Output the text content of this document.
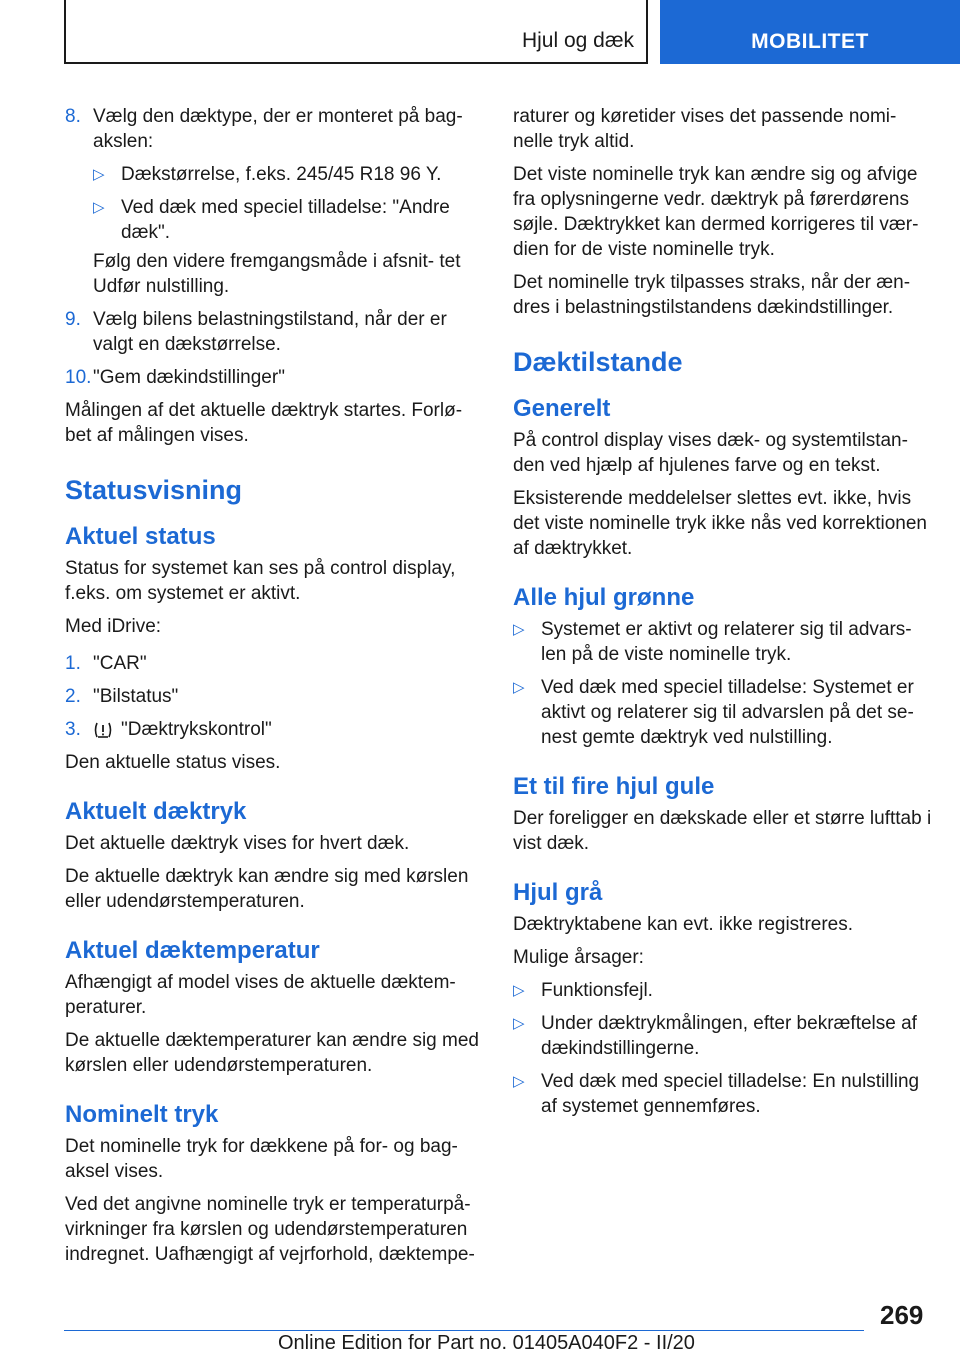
Hjul og dæk	MOBILITET
8. Vælg den dæktype, der er monteret på bag- akslen:
▷ Dækstørrelse, f.eks. 245/45 R18 96 Y.
▷ Ved dæk med speciel tilladelse: "Andre dæk".
Følg den videre fremgangsmåde i afsnit- tet Udfør nulstilling.
9. Vælg bilens belastningstilstand, når der er valgt en dækstørrelse.
10. "Gem dækindstillinger"
Målingen af det aktuelle dæktryk startes. Forlø- bet af målingen vises.
Statusvisning
Aktuel status
Status for systemet kan ses på control display, f.eks. om systemet er aktivt.
Med iDrive:
1. "CAR"
2. "Bilstatus"
3.	"Dæktrykskontrol"
Den aktuelle status vises.
Aktuelt dæktryk
Det aktuelle dæktryk vises for hvert dæk.
De aktuelle dæktryk kan ændre sig med kørslen eller udendørstemperaturen.
Aktuel dæktemperatur
Afhængigt af model vises de aktuelle dæktem- peraturer.
De aktuelle dæktemperaturer kan ændre sig med kørslen eller udendørstemperaturen.
Nominelt tryk
Det nominelle tryk for dækkene på for- og bag- aksel vises.
Ved det angivne nominelle tryk er temperaturpå- virkninger fra kørslen og udendørstemperaturen indregnet. Uafhængigt af vejrforhold, dæktempe-
raturer og køretider vises det passende nomi- nelle tryk altid.
Det viste nominelle tryk kan ændre sig og afvige fra oplysningerne vedr. dæktryk på førerdørens søjle. Dæktrykket kan dermed korrigeres til vær- dien for de viste nominelle tryk.
Det nominelle tryk tilpasses straks, når der æn- dres i belastningstilstandens dækindstillinger.
Dæktilstande
Generelt
På control display vises dæk- og systemtilstan- den ved hjælp af hjulenes farve og en tekst.
Eksisterende meddelelser slettes evt. ikke, hvis det viste nominelle tryk ikke nås ved korrektionen af dæktrykket.
Alle hjul grønne
▷ Systemet er aktivt og relaterer sig til advars- len på de viste nominelle tryk.
▷ Ved dæk med speciel tilladelse: Systemet er aktivt og relaterer sig til advarslen på det se- nest gemte dæktryk ved nulstilling.
Et til fire hjul gule
Der foreligger en dækskade eller et større lufttab i vist dæk.
Hjul grå
Dæktryktabene kan evt. ikke registreres.
Mulige årsager:
▷ Funktionsfejl.
▷ Under dæktrykmålingen, efter bekræftelse af dækindstillingerne.
▷ Ved dæk med speciel tilladelse: En nulstilling af systemet gennemføres.
269
Online Edition for Part no. 01405A040F2 - II/20
